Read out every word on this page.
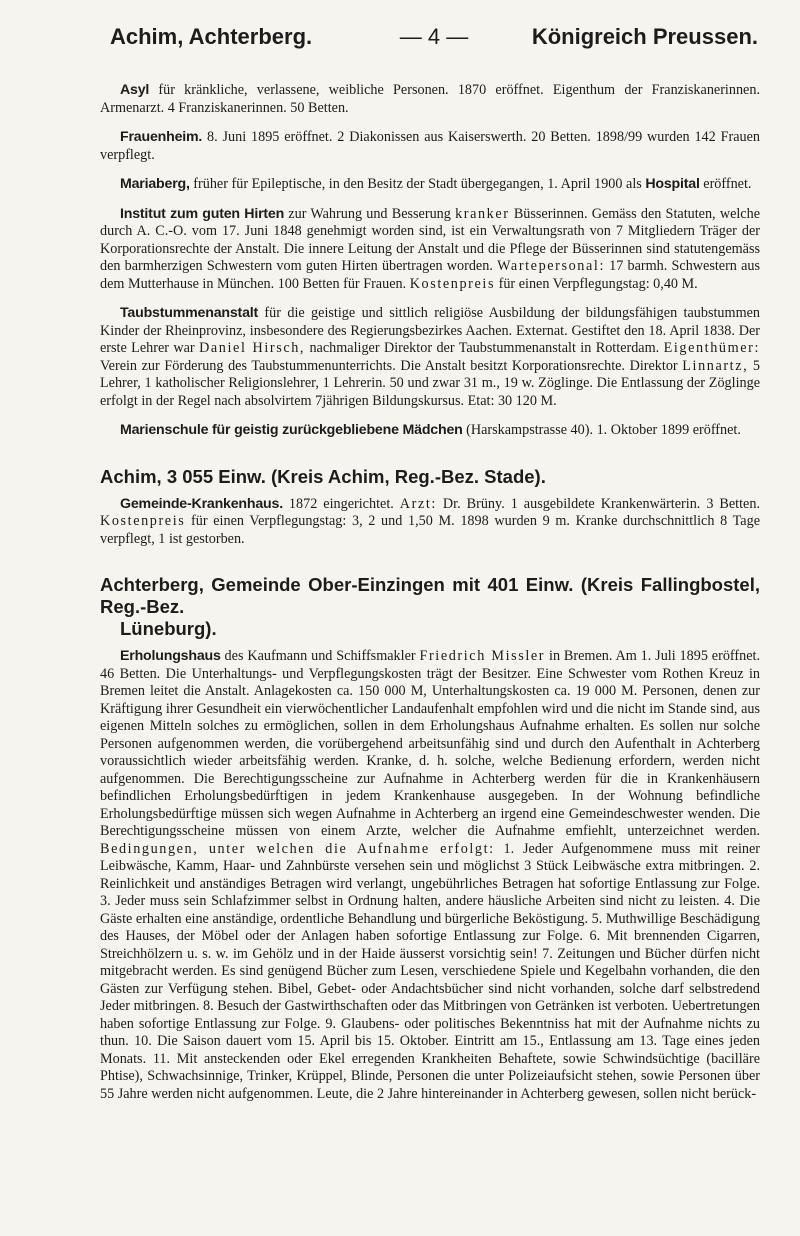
Achim, Achterberg.	— 4 —	Königreich Preussen.

Asyl für kränkliche, verlassene, weibliche Personen. 1870 eröffnet. Eigenthum der Franziskanerinnen. Armenarzt. 4 Franziskanerinnen. 50 Betten.

Frauenheim. 8. Juni 1895 eröffnet. 2 Diakonissen aus Kaiserswerth. 20 Betten. 1898/99 wurden 142 Frauen verpflegt.

Mariaberg, früher für Epileptische, in den Besitz der Stadt übergegangen, 1. April 1900 als Hospital eröffnet.

Institut zum guten Hirten zur Wahrung und Besserung kranker Büsserinnen. Gemäss den Statuten, welche durch A. C.-O. vom 17. Juni 1848 genehmigt worden sind, ist ein Verwaltungsrath von 7 Mitgliedern Träger der Korporationsrechte der Anstalt. Die innere Leitung der Anstalt und die Pflege der Büsserinnen sind statutengemäss den barmherzigen Schwestern vom guten Hirten übertragen worden. Wartepersonal: 17 barmh. Schwestern aus dem Mutterhause in München. 100 Betten für Frauen. Kostenpreis für einen Verpflegungstag: 0,40 M.

Taubstummenanstalt für die geistige und sittlich religiöse Ausbildung der bildungsfähigen taubstummen Kinder der Rheinprovinz, insbesondere des Regierungsbezirkes Aachen. Externat. Gestiftet den 18. April 1838. Der erste Lehrer war Daniel Hirsch, nachmaliger Direktor der Taubstummenanstalt in Rotterdam. Eigenthümer: Verein zur Förderung des Taubstummenunterrichts. Die Anstalt besitzt Korporationsrechte. Direktor Linnartz, 5 Lehrer, 1 katholischer Religionslehrer, 1 Lehrerin. 50 und zwar 31 m., 19 w. Zöglinge. Die Entlassung der Zöglinge erfolgt in der Regel nach absolvirtem 7jährigen Bildungskursus. Etat: 30 120 M.

Marienschule für geistig zurückgebliebene Mädchen (Harskampstrasse 40). 1. Oktober 1899 eröffnet.

Achim, 3 055 Einw. (Kreis Achim, Reg.-Bez. Stade).

Gemeinde-Krankenhaus. 1872 eingerichtet. Arzt: Dr. Brüny. 1 ausgebildete Krankenwärterin. 3 Betten. Kostenpreis für einen Verpflegungstag: 3, 2 und 1,50 M. 1898 wurden 9 m. Kranke durchschnittlich 8 Tage verpflegt, 1 ist gestorben.

Achterberg, Gemeinde Ober-Einzingen mit 401 Einw. (Kreis Fallingbostel, Reg.-Bez.
Lüneburg).

Erholungshaus des Kaufmann und Schiffsmakler Friedrich Missler in Bremen. Am 1. Juli 1895 eröffnet. 46 Betten. Die Unterhaltungs- und Verpflegungskosten trägt der Besitzer. Eine Schwester vom Rothen Kreuz in Bremen leitet die Anstalt. Anlagekosten ca. 150 000 M, Unterhaltungskosten ca. 19 000 M. Personen, denen zur Kräftigung ihrer Gesundheit ein vierwöchentlicher Landaufenhalt empfohlen wird und die nicht im Stande sind, aus eigenen Mitteln solches zu ermöglichen, sollen in dem Erholungshaus Aufnahme erhalten. Es sollen nur solche Personen aufgenommen werden, die vorübergehend arbeitsunfähig sind und durch den Aufenthalt in Achterberg voraussichtlich wieder arbeitsfähig werden. Kranke, d. h. solche, welche Bedienung erfordern, werden nicht aufgenommen. Die Berechtigungsscheine zur Aufnahme in Achterberg werden für die in Krankenhäusern befindlichen Erholungsbedürftigen in jedem Krankenhause ausgegeben. In der Wohnung befindliche Erholungsbedürftige müssen sich wegen Aufnahme in Achterberg an irgend eine Gemeindeschwester wenden. Die Berechtigungsscheine müssen von einem Arzte, welcher die Aufnahme emfiehlt, unterzeichnet werden. Bedingungen, unter welchen die Aufnahme erfolgt: 1. Jeder Aufgenommene muss mit reiner Leibwäsche, Kamm, Haar- und Zahnbürste versehen sein und möglichst 3 Stück Leibwäsche extra mitbringen. 2. Reinlichkeit und anständiges Betragen wird verlangt, ungebührliches Betragen hat sofortige Entlassung zur Folge. 3. Jeder muss sein Schlafzimmer selbst in Ordnung halten, andere häusliche Arbeiten sind nicht zu leisten. 4. Die Gäste erhalten eine anständige, ordentliche Behandlung und bürgerliche Beköstigung. 5. Muthwillige Beschädigung des Hauses, der Möbel oder der Anlagen haben sofortige Entlassung zur Folge. 6. Mit brennenden Cigarren, Streichhölzern u. s. w. im Gehölz und in der Haide äusserst vorsichtig sein! 7. Zeitungen und Bücher dürfen nicht mitgebracht werden. Es sind genügend Bücher zum Lesen, verschiedene Spiele und Kegelbahn vorhanden, die den Gästen zur Verfügung stehen. Bibel, Gebet- oder Andachtsbücher sind nicht vorhanden, solche darf selbstredend Jeder mitbringen. 8. Besuch der Gastwirthschaften oder das Mitbringen von Getränken ist verboten. Uebertretungen haben sofortige Entlassung zur Folge. 9. Glaubens- oder politisches Bekenntniss hat mit der Aufnahme nichts zu thun. 10. Die Saison dauert vom 15. April bis 15. Oktober. Eintritt am 15., Entlassung am 13. Tage eines jeden Monats. 11. Mit ansteckenden oder Ekel erregenden Krankheiten Behaftete, sowie Schwindsüchtige (bacilläre Phtise), Schwachsinnige, Trinker, Krüppel, Blinde, Personen die unter Polizeiaufsicht stehen, sowie Personen über 55 Jahre werden nicht aufgenommen. Leute, die 2 Jahre hintereinander in Achterberg gewesen, sollen nicht berück-
